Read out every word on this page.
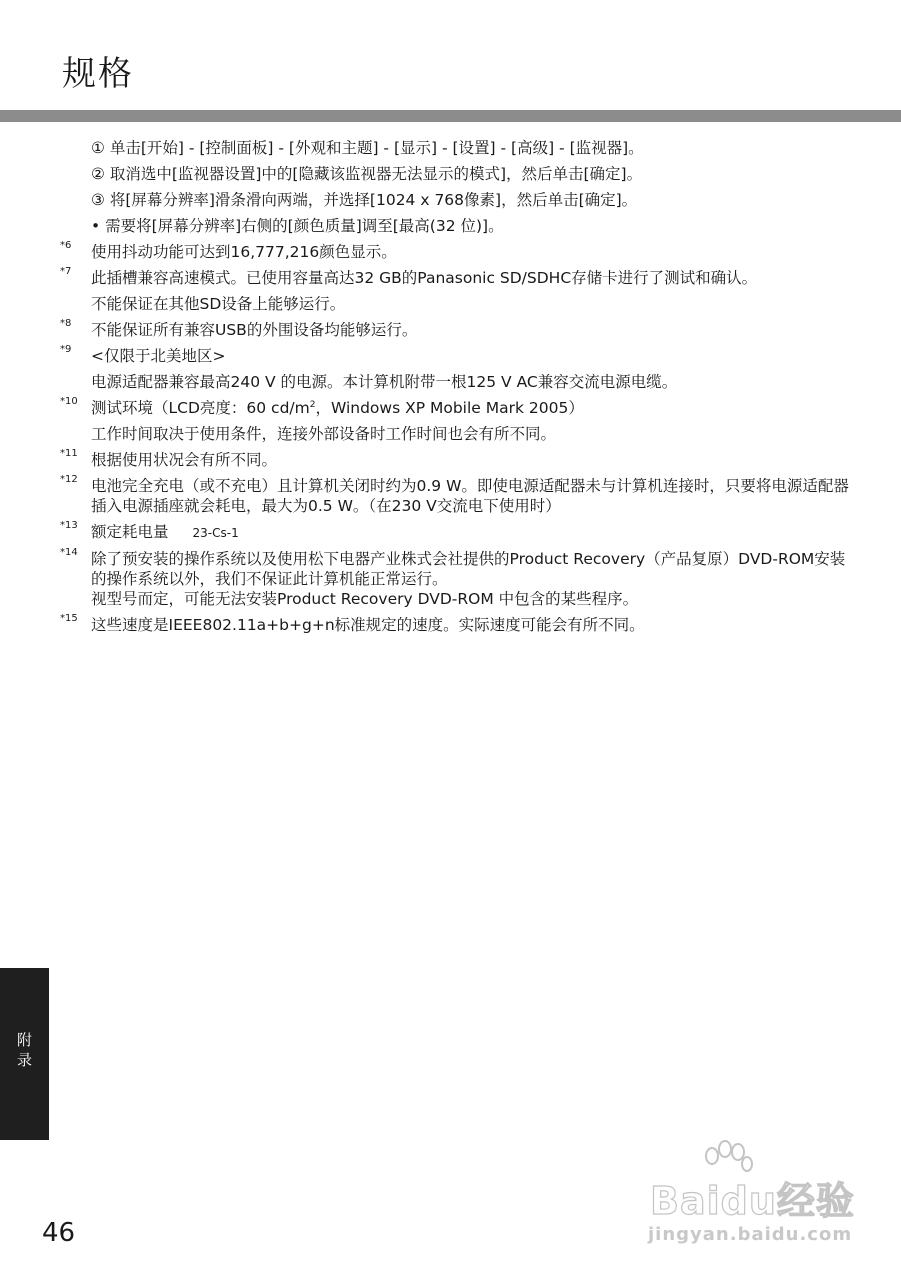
规格
① 单击[开始] - [控制面板] - [外观和主题] - [显示] - [设置] - [高级] - [监视器]。
② 取消选中[监视器设置]中的[隐藏该监视器无法显示的模式]，然后单击[确定]。
③ 将[屏幕分辨率]滑条滑向两端，并选择[1024 x 768像素]，然后单击[确定]。
• 需要将[屏幕分辨率]右侧的[颜色质量]调至[最高(32 位)]。
*6 使用抖动功能可达到16,777,216颜色显示。
*7 此插槽兼容高速模式。已使用容量高达32 GB的Panasonic SD/SDHC存储卡进行了测试和确认。
不能保证在其他SD设备上能够运行。
*8 不能保证所有兼容USB的外围设备均能够运行。
*9 <仅限于北美地区>
电源适配器兼容最高240 V 的电源。本计算机附带一根125 V AC兼容交流电源电缆。
*10 测试环境（LCD亮度：60 $cd/m^2$，Windows XP Mobile Mark 2005）
工作时间取决于使用条件，连接外部设备时工作时间也会有所不同。
*11 根据使用状况会有所不同。
*12 电池完全充电（或不充电）且计算机关闭时约为0.9 W。即使电源适配器未与计算机连接时，只要将电源适配器插入电源插座就会耗电，最大为0.5 W。（在230 V交流电下使用时）
*13 额定耗电量 23-Cs-1
*14 除了预安装的操作系统以及使用松下电器产业株式会社提供的Product Recovery（产品复原）DVD-ROM安装的操作系统以外，我们不保证此计算机能正常运行。
视型号而定，可能无法安装Product Recovery DVD-ROM 中包含的某些程序。
*15 这些速度是IEEE802.11a+b+g+n标准规定的速度。实际速度可能会有所不同。
附
录
46
Baidu经验
jingyan.baidu.com
